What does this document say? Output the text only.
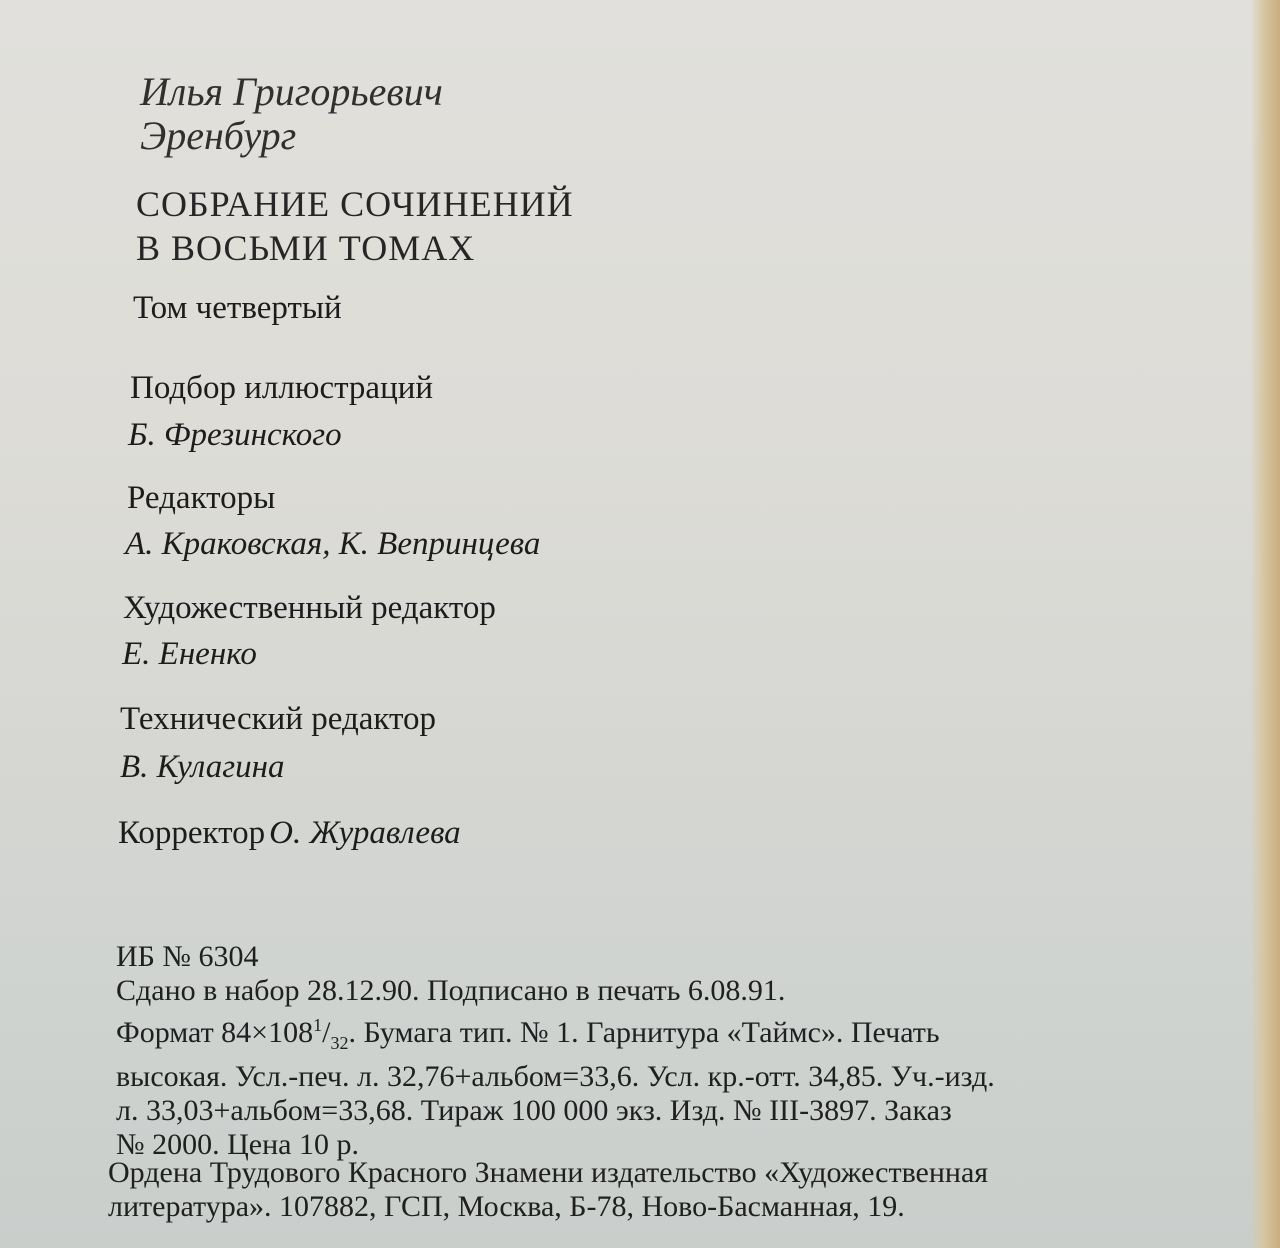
Илья Григорьевич
Эренбург
СОБРАНИЕ СОЧИНЕНИЙ
В ВОСЬМИ ТОМАХ
Том четвертый
Подбор иллюстраций
Б. Фрезинского
Редакторы
А. Краковская, К. Вепринцева
Художественный редактор
Е. Ененко
Технический редактор
В. Кулагина
Корректор О. Журавлева
ИБ № 6304
Сдано в набор 28.12.90. Подписано в печать 6.08.91.
Формат $84\times 108^1/_{32}$. Бумага тип. № 1. Гарнитура «Таймс». Печать
высокая. Усл.-печ. л. 32,76+альбом=33,6. Усл. кр.-отт. 34,85. Уч.-изд.
л. 33,03+альбом=33,68. Тираж 100 000 экз. Изд. № III-3897. Заказ
№ 2000. Цена 10 р.
Ордена Трудового Красного Знамени издательство «Художественная
литература». 107882, ГСП, Москва, Б-78, Ново-Басманная, 19.
